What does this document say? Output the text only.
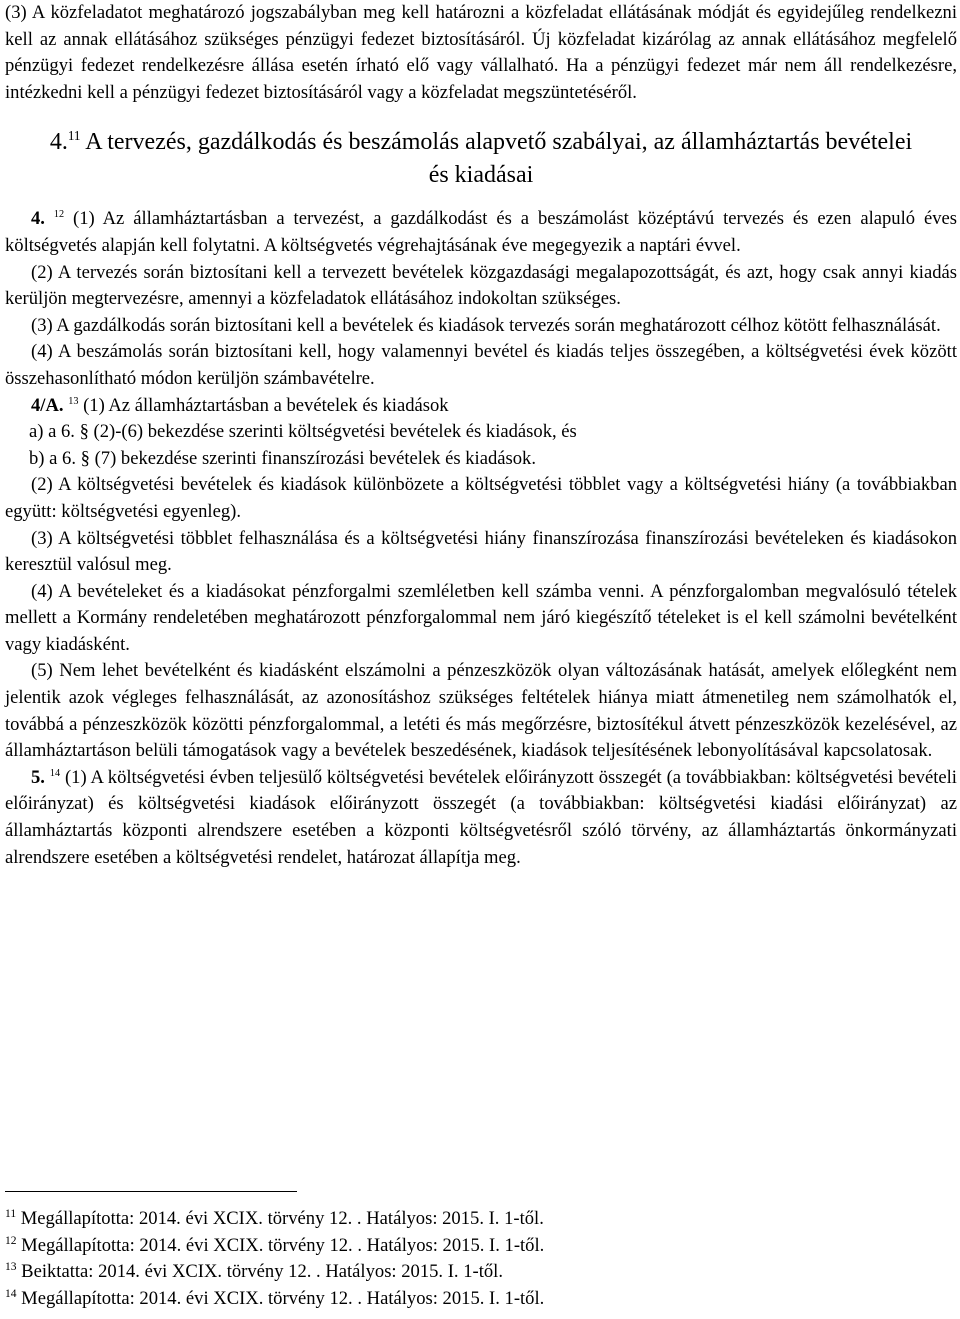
(3) A közfeladatot meghatározó jogszabályban meg kell határozni a közfeladat ellátásának módját és egyidejűleg rendelkezni kell az annak ellátásához szükséges pénzügyi fedezet biztosításáról. Új közfeladat kizárólag az annak ellátásához megfelelő pénzügyi fedezet rendelkezésre állása esetén írható elő vagy vállalható. Ha a pénzügyi fedezet már nem áll rendelkezésre, intézkedni kell a pénzügyi fedezet biztosításáról vagy a közfeladat megszüntetéséről.

4.11 A tervezés, gazdálkodás és beszámolás alapvető szabályai, az államháztartás bevételei és kiadásai

4. $^{12}$ (1) Az államháztartásban a tervezést, a gazdálkodást és a beszámolást középtávú tervezés és ezen alapuló éves költségvetés alapján kell folytatni. A költségvetés végrehajtásának éve megegyezik a naptári évvel.

(2) A tervezés során biztosítani kell a tervezett bevételek közgazdasági megalapozottságát, és azt, hogy csak annyi kiadás kerüljön megtervezésre, amennyi a közfeladatok ellátásához indokoltan szükséges.

(3) A gazdálkodás során biztosítani kell a bevételek és kiadások tervezés során meghatározott célhoz kötött felhasználását.

(4) A beszámolás során biztosítani kell, hogy valamennyi bevétel és kiadás teljes összegében, a költségvetési évek között összehasonlítható módon kerüljön számbavételre.

4/A. $^{13}$ (1) Az államháztartásban a bevételek és kiadások

a) a 6. § (2)-(6) bekezdése szerinti költségvetési bevételek és kiadások, és

b) a 6. § (7) bekezdése szerinti finanszírozási bevételek és kiadások.

(2) A költségvetési bevételek és kiadások különbözete a költségvetési többlet vagy a költségvetési hiány (a továbbiakban együtt: költségvetési egyenleg).

(3) A költségvetési többlet felhasználása és a költségvetési hiány finanszírozása finanszírozási bevételeken és kiadásokon keresztül valósul meg.

(4) A bevételeket és a kiadásokat pénzforgalmi szemléletben kell számba venni. A pénzforgalomban megvalósuló tételek mellett a Kormány rendeletében meghatározott pénzforgalommal nem járó kiegészítő tételeket is el kell számolni bevételként vagy kiadásként.

(5) Nem lehet bevételként és kiadásként elszámolni a pénzeszközök olyan változásának hatását, amelyek előlegként nem jelentik azok végleges felhasználását, az azonosításhoz szükséges feltételek hiánya miatt átmenetileg nem számolhatók el, továbbá a pénzeszközök közötti pénzforgalommal, a letéti és más megőrzésre, biztosítékul átvett pénzeszközök kezelésével, az államháztartáson belüli támogatások vagy a bevételek beszedésének, kiadások teljesítésének lebonyolításával kapcsolatosak.

5. $^{14}$ (1) A költségvetési évben teljesülő költségvetési bevételek előirányzott összegét (a továbbiakban: költségvetési bevételi előirányzat) és költségvetési kiadások előirányzott összegét (a továbbiakban: költségvetési kiadási előirányzat) az államháztartás központi alrendszere esetében a központi költségvetésről szóló törvény, az államháztartás önkormányzati alrendszere esetében a költségvetési rendelet, határozat állapítja meg.

$^{11}$ Megállapította: 2014. évi XCIX. törvény 12. . Hatályos: 2015. I. 1-től.

$^{12}$ Megállapította: 2014. évi XCIX. törvény 12. . Hatályos: 2015. I. 1-től.

$^{13}$ Beiktatta: 2014. évi XCIX. törvény 12. . Hatályos: 2015. I. 1-től.

$^{14}$ Megállapította: 2014. évi XCIX. törvény 12. . Hatályos: 2015. I. 1-től.
